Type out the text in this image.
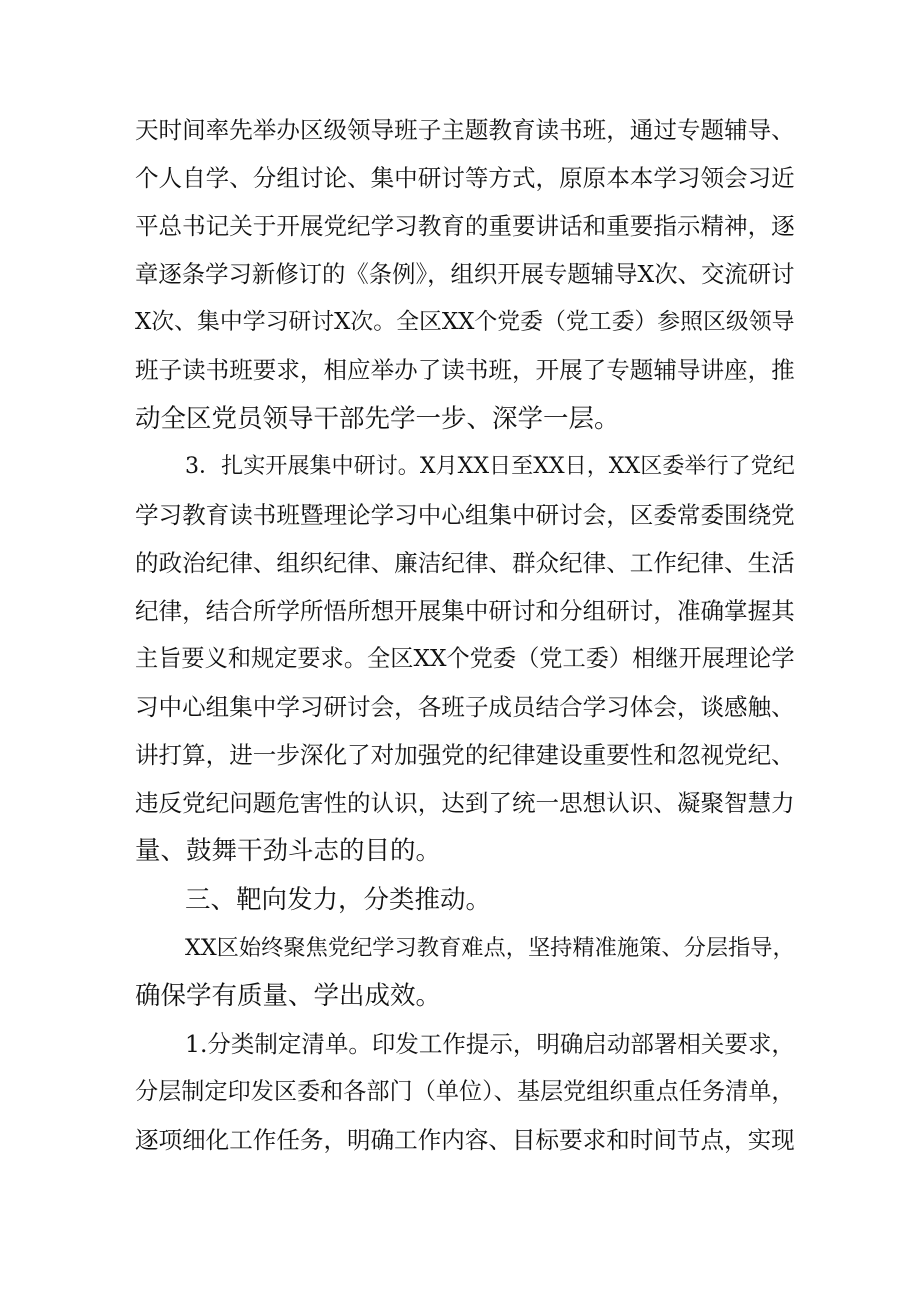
天时间率先举办区级领导班子主题教育读书班，通过专题辅导、
个人自学、分组讨论、集中研讨等方式，原原本本学习领会习近
平总书记关于开展党纪学习教育的重要讲话和重要指示精神，逐
章逐条学习新修订的《条例》，组织开展专题辅导X次、交流研讨
X次、集中学习研讨X次。全区XX个党委（党工委）参照区级领导
班子读书班要求，相应举办了读书班，开展了专题辅导讲座，推
动全区党员领导干部先学一步、深学一层。
3．扎实开展集中研讨。X月XX日至XX日，XX区委举行了党纪
学习教育读书班暨理论学习中心组集中研讨会，区委常委围绕党
的政治纪律、组织纪律、廉洁纪律、群众纪律、工作纪律、生活
纪律，结合所学所悟所想开展集中研讨和分组研讨，准确掌握其
主旨要义和规定要求。全区XX个党委（党工委）相继开展理论学
习中心组集中学习研讨会，各班子成员结合学习体会，谈感触、
讲打算，进一步深化了对加强党的纪律建设重要性和忽视党纪、
违反党纪问题危害性的认识，达到了统一思想认识、凝聚智慧力
量、鼓舞干劲斗志的目的。
三、靶向发力，分类推动。
XX区始终聚焦党纪学习教育难点，坚持精准施策、分层指导，
确保学有质量、学出成效。
1.分类制定清单。印发工作提示，明确启动部署相关要求，
分层制定印发区委和各部门（单位）、基层党组织重点任务清单，
逐项细化工作任务，明确工作内容、目标要求和时间节点，实现
